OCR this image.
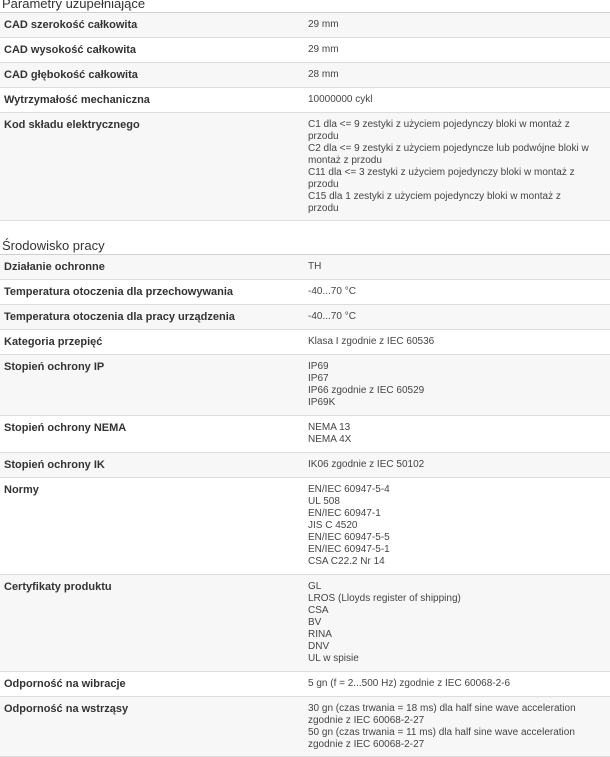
Parametry uzupełniające
CAD szerokość całkowita	29 mm
CAD wysokość całkowita	29 mm
CAD głębokość całkowita	28 mm
Wytrzymałość mechaniczna	10000000 cykl
Kod składu elektrycznego	C1 dla <= 9 zestyki z użyciem pojedynczy bloki w montaż z
przodu
C2 dla <= 9 zestyki z użyciem pojedyncze lub podwójne bloki w
montaż z przodu
C11 dla <= 3 zestyki z użyciem pojedynczy bloki w montaż z
przodu
C15 dla 1 zestyki z użyciem pojedynczy bloki w montaż z
przodu
Środowisko pracy
Działanie ochronne	TH
Temperatura otoczenia dla przechowywania	-40...70 °C
Temperatura otoczenia dla pracy urządzenia	-40...70 °C
Kategoria przepięć	Klasa I zgodnie z IEC 60536
Stopień ochrony IP	IP69
IP67
IP66 zgodnie z IEC 60529
IP69K
Stopień ochrony NEMA	NEMA 13
NEMA 4X
Stopień ochrony IK	IK06 zgodnie z IEC 50102
Normy	EN/IEC 60947-5-4
UL 508
EN/IEC 60947-1
JIS C 4520
EN/IEC 60947-5-5
EN/IEC 60947-5-1
CSA C22.2 Nr 14
Certyfikaty produktu	GL
LROS (Lloyds register of shipping)
CSA
BV
RINA
DNV
UL w spisie
Odporność na wibracje	5 gn (f = 2...500 Hz) zgodnie z IEC 60068-2-6
Odporność na wstrząsy	30 gn (czas trwania = 18 ms) dla half sine wave acceleration
zgodnie z IEC 60068-2-27
50 gn (czas trwania = 11 ms) dla half sine wave acceleration
zgodnie z IEC 60068-2-27
